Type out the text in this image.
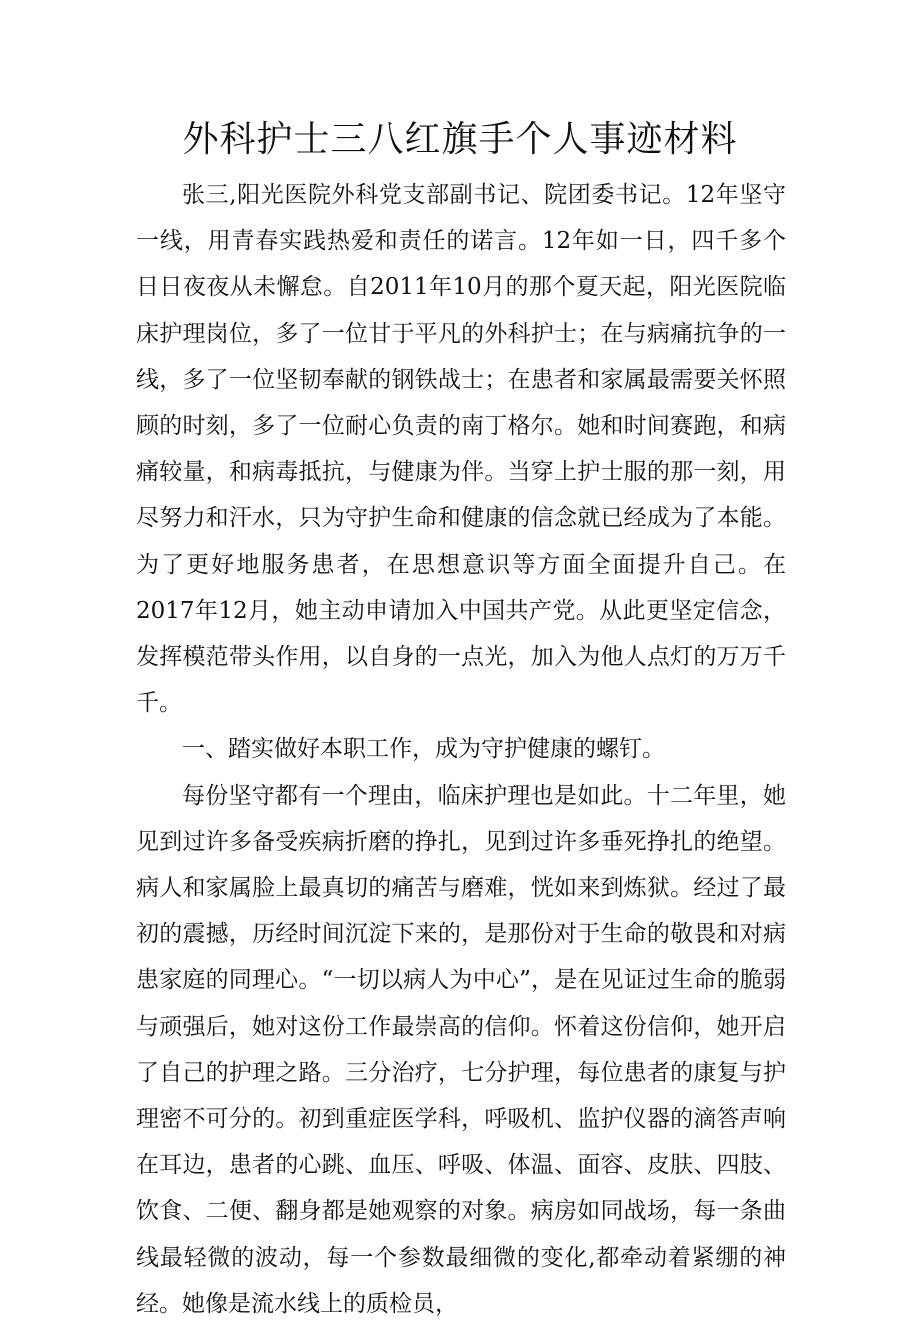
外科护士三八红旗手个人事迹材料

张三,阳光医院外科党支部副书记、院团委书记。12年坚守一线，用青春实践热爱和责任的诺言。12年如一日，四千多个日日夜夜从未懈怠。自2011年10月的那个夏天起，阳光医院临床护理岗位，多了一位甘于平凡的外科护士；在与病痛抗争的一线，多了一位坚韧奉献的钢铁战士；在患者和家属最需要关怀照顾的时刻，多了一位耐心负责的南丁格尔。她和时间赛跑，和病痛较量，和病毒抵抗，与健康为伴。当穿上护士服的那一刻，用尽努力和汗水，只为守护生命和健康的信念就已经成为了本能。为了更好地服务患者，在思想意识等方面全面提升自己。在2017年12月，她主动申请加入中国共产党。从此更坚定信念，发挥模范带头作用，以自身的一点光，加入为他人点灯的万万千千。

一、踏实做好本职工作，成为守护健康的螺钉。

每份坚守都有一个理由，临床护理也是如此。十二年里，她见到过许多备受疾病折磨的挣扎，见到过许多垂死挣扎的绝望。病人和家属脸上最真切的痛苦与磨难，恍如来到炼狱。经过了最初的震撼，历经时间沉淀下来的，是那份对于生命的敬畏和对病患家庭的同理心。“一切以病人为中心”，是在见证过生命的脆弱与顽强后，她对这份工作最崇高的信仰。怀着这份信仰，她开启了自己的护理之路。三分治疗，七分护理，每位患者的康复与护理密不可分的。初到重症医学科，呼吸机、监护仪器的滴答声响在耳边，患者的心跳、血压、呼吸、体温、面容、皮肤、四肢、饮食、二便、翻身都是她观察的对象。病房如同战场，每一条曲线最轻微的波动，每一个参数最细微的变化,都牵动着紧绷的神经。她像是流水线上的质检员，
